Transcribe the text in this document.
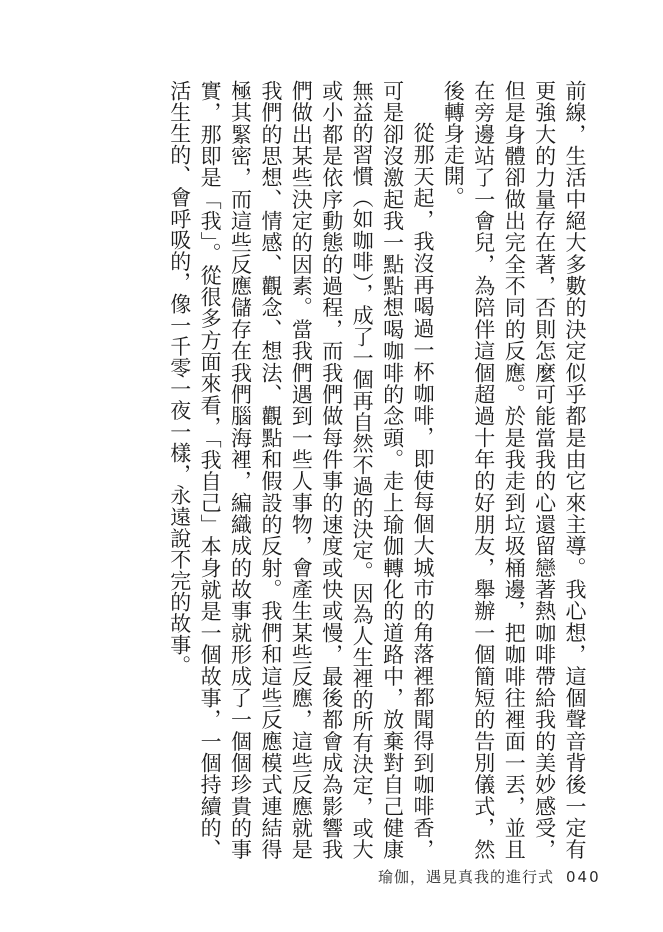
前線，生活中絕大多數的決定似乎都是由它來主導。我心想，這個聲音背後一定有更強大的力量存在著，否則怎麼可能當我的心還留戀著熱咖啡帶給我的美妙感受，但是身體卻做出完全不同的反應。於是我走到垃圾桶邊，把咖啡往裡面一丟，並且在旁邊站了一會兒，為陪伴這個超過十年的好朋友，舉辦一個簡短的告別儀式，然後轉身走開。

從那天起，我沒再喝過一杯咖啡，即使每個大城市的角落裡都聞得到咖啡香，可是卻沒激起我一點點想喝咖啡的念頭。走上瑜伽轉化的道路中，放棄對自己健康無益的習慣（如咖啡），成了一個再自然不過的決定。因為人生裡的所有決定，或大或小都是依序動態的過程，而我們做每件事的速度或快或慢，最後都會成為影響我們做出某些決定的因素。當我們遇到一些人事物，會產生某些反應，這些反應就是我們的思想、情感、觀念、想法、觀點和假設的反射。我們和這些反應模式連結得極其緊密，而這些反應儲存在我們腦海裡，編織成的故事就形成了一個個珍貴的事實，那即是「我」。從很多方面來看，「我自己」本身就是一個故事，一個持續的、活生生的、會呼吸的，像一千零一夜一樣，永遠說不完的故事。

瑜伽，遇見真我的進行式 040
